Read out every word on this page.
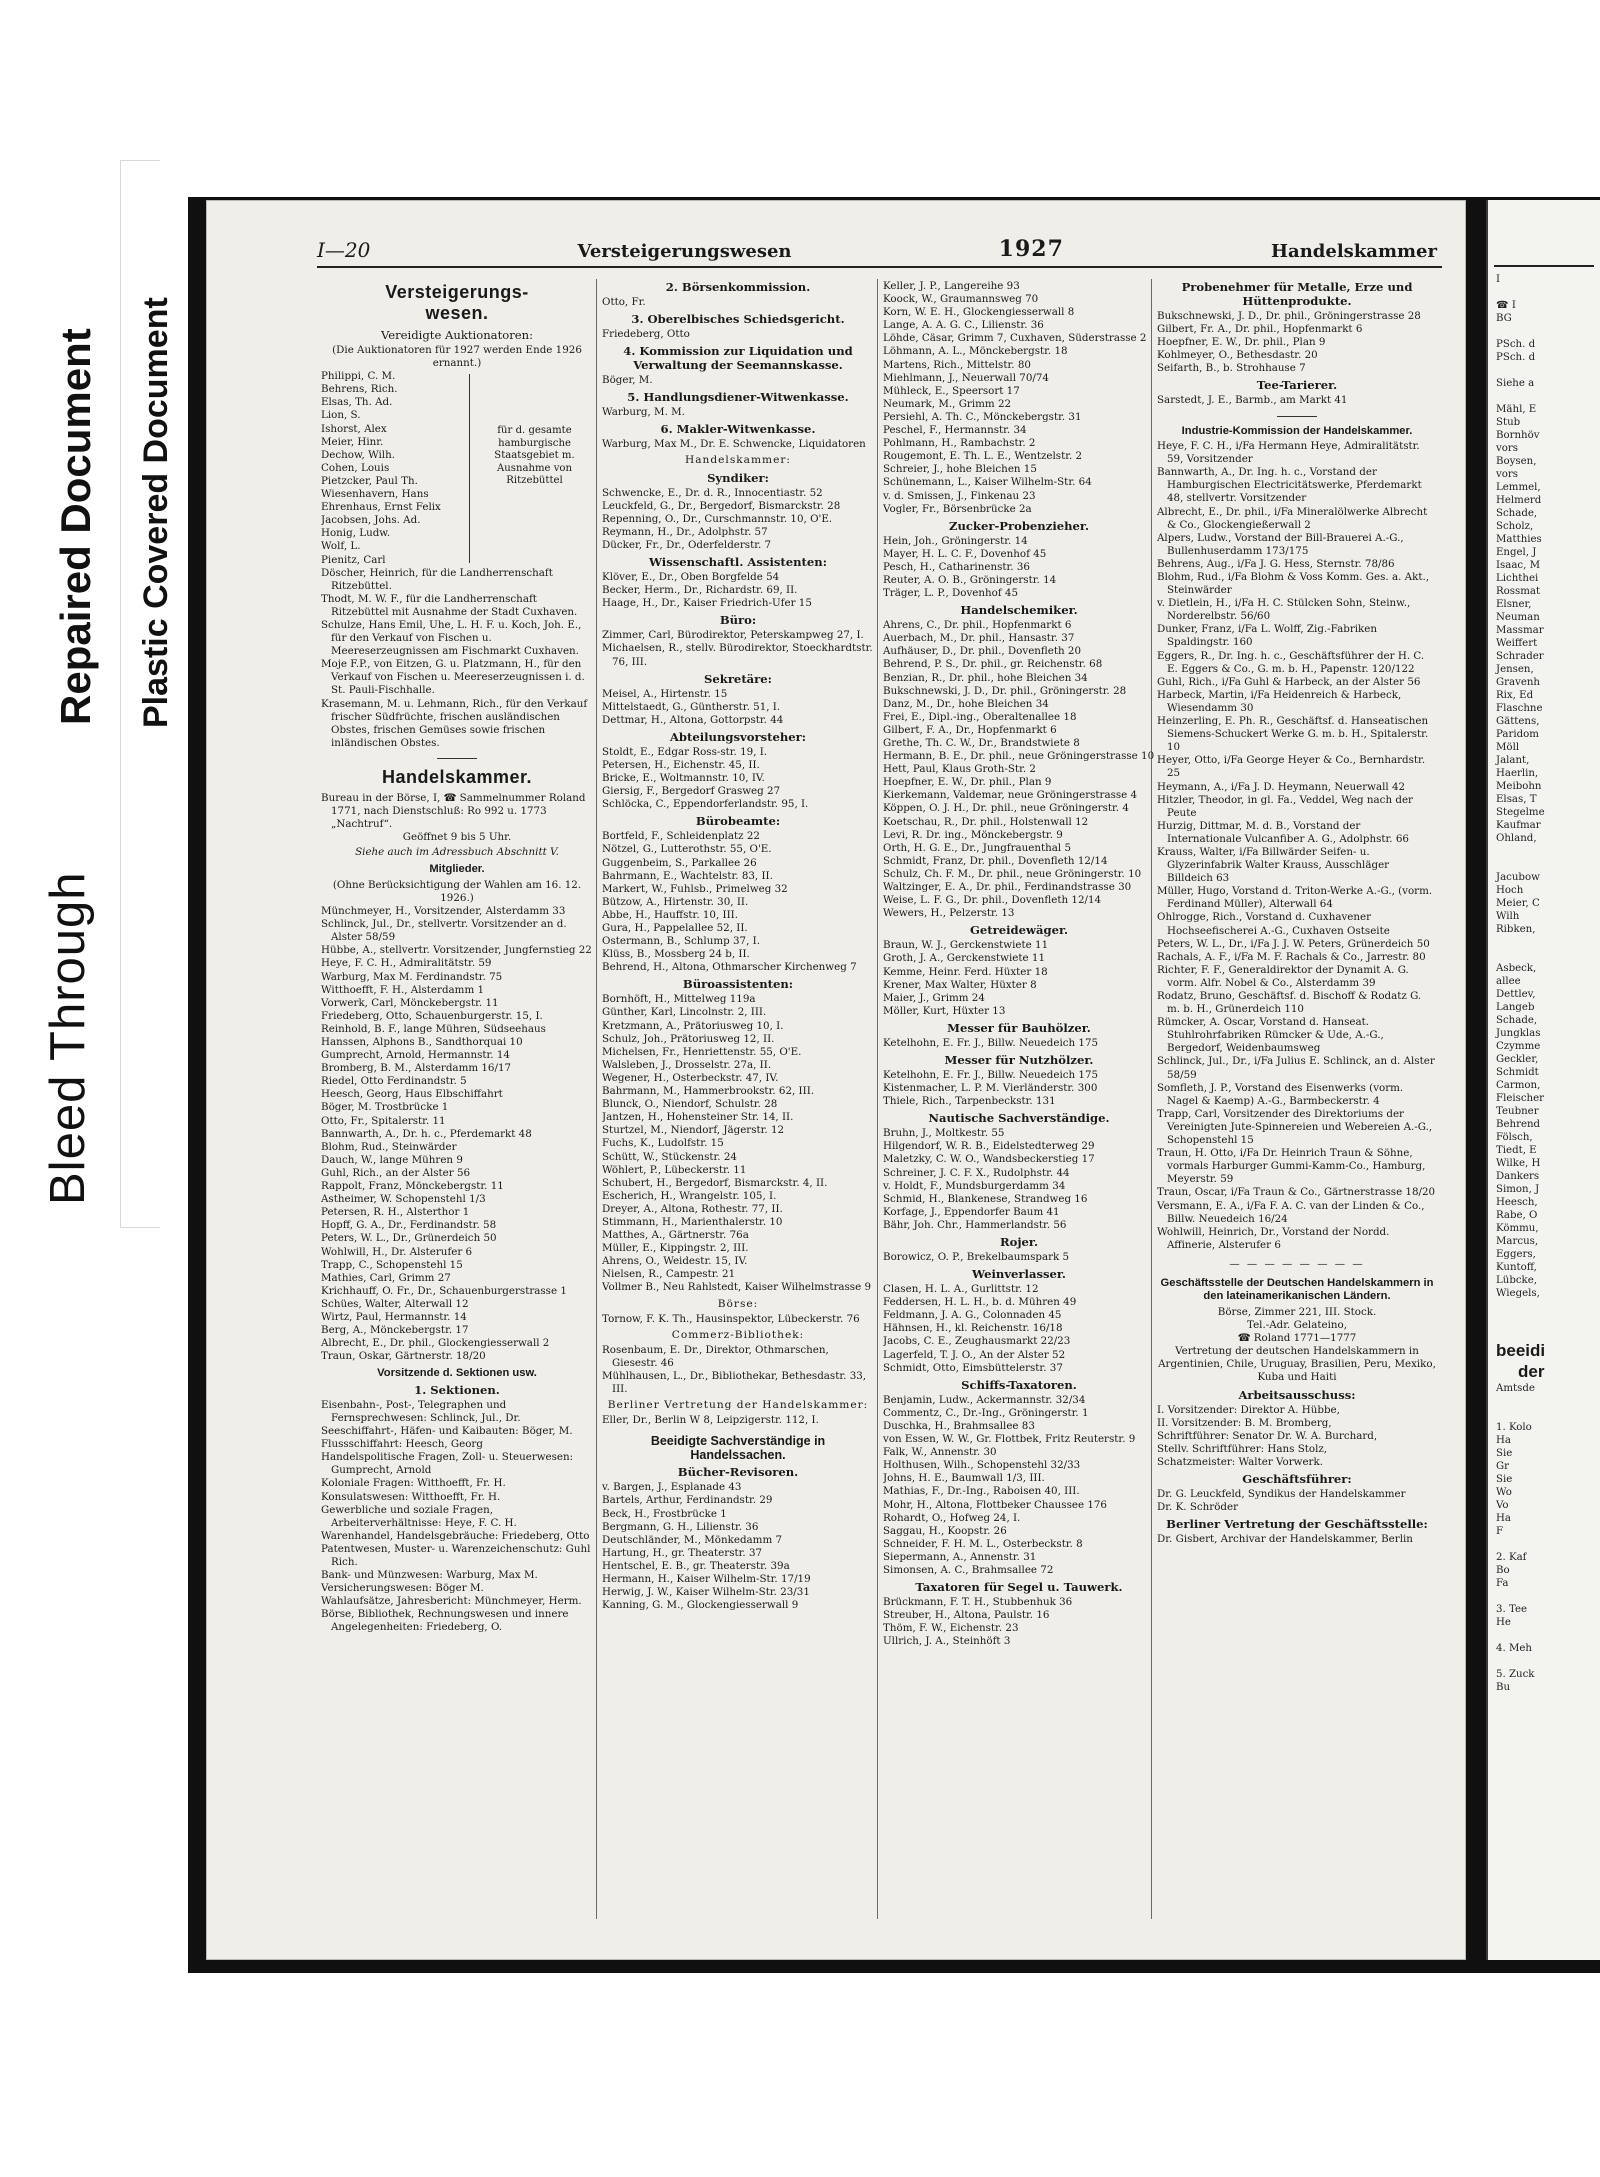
Bleed Through
Repaired Document Plastic Covered Document
I—20	Versteigerungswesen	1927	Handelskammer
Versteigerungs-
wesen.
Vereidigte Auktionatoren:
(Die Auktionatoren für 1927 werden Ende 1926 ernannt.)
Philippi, C. M.
Behrens, Rich.
Elsas, Th. Ad.
Lion, S.
Ishorst, Alex
Meier, Hinr.
Dechow, Wilh.
Cohen, Louis
Pietzcker, Paul Th.
Wiesenhavern, Hans
Ehrenhaus, Ernst Felix
Jacobsen, Johs. Ad.
Honig, Ludw.
Wolf, L.
Pienitz, Carl
für d. gesamte hamburgische Staatsgebiet m. Ausnahme von Ritzebüttel
Döscher, Heinrich, für die Landherrenschaft Ritzebüttel.
Thodt, M. W. F., für die Landherrenschaft Ritzebüttel mit Ausnahme der Stadt Cuxhaven.
Schulze, Hans Emil, Uhe, L. H. F. u. Koch, Joh. E., für den Verkauf von Fischen u. Meereserzeugnissen am Fischmarkt Cuxhaven.
Moje F.P., von Eitzen, G. u. Platzmann, H., für den Verkauf von Fischen u. Meereserzeugnissen i. d. St. Pauli-Fischhalle.
Krasemann, M. u. Lehmann, Rich., für den Verkauf frischer Südfrüchte, frischen ausländischen Obstes, frischen Gemüses sowie frischen inländischen Obstes.
Handelskammer.
Bureau in der Börse, I, ☎ Sammelnummer Roland 1771, nach Dienstschluß: Ro 992 u. 1773 „Nachtruf“.
Geöffnet 9 bis 5 Uhr.
Siehe auch im Adressbuch Abschnitt V.
Mitglieder.
(Ohne Berücksichtigung der Wahlen am 16. 12. 1926.)
Münchmeyer, H., Vorsitzender, Alsterdamm 33
Schlinck, Jul., Dr., stellvertr. Vorsitzender an d. Alster 58/59
Hübbe, A., stellvertr. Vorsitzender, Jungfernstieg 22
Heye, F. C. H., Admiralitätstr. 59
Warburg, Max M. Ferdinandstr. 75
Witthoefft, F. H., Alsterdamm 1
Vorwerk, Carl, Mönckebergstr. 11
Friedeberg, Otto, Schauenburgerstr. 15, I.
Reinhold, B. F., lange Mühren, Südseehaus
Hanssen, Alphons B., Sandthorquai 10
Gumprecht, Arnold, Hermannstr. 14
Bromberg, B. M., Alsterdamm 16/17
Riedel, Otto Ferdinandstr. 5
Heesch, Georg, Haus Elbschiffahrt
Böger, M. Trostbrücke 1
Otto, Fr., Spitalerstr. 11
Bannwarth, A., Dr. h. c., Pferdemarkt 48
Blohm, Rud., Steinwärder
Dauch, W., lange Mühren 9
Guhl, Rich., an der Alster 56
Rappolt, Franz, Mönckebergstr. 11
Astheimer, W. Schopenstehl 1/3
Petersen, R. H., Alsterthor 1
Hopff, G. A., Dr., Ferdinandstr. 58
Peters, W. L., Dr., Grünerdeich 50
Wohlwill, H., Dr. Alsterufer 6
Trapp, C., Schopenstehl 15
Mathies, Carl, Grimm 27
Krichhauff, O. Fr., Dr., Schauenburgerstrasse 1
Schües, Walter, Alterwall 12
Wirtz, Paul, Hermannstr. 14
Berg, A., Mönckebergstr. 17
Albrecht, E., Dr. phil., Glockengiesserwall 2
Traun, Oskar, Gärtnerstr. 18/20
Vorsitzende d. Sektionen usw.
1. Sektionen.
Eisenbahn-, Post-, Telegraphen und Fernsprechwesen: Schlinck, Jul., Dr.
Seeschiffahrt-, Häfen- und Kaibauten: Böger, M.
Flussschiffahrt: Heesch, Georg
Handelspolitische Fragen, Zoll- u. Steuerwesen: Gumprecht, Arnold
Koloniale Fragen: Witthoefft, Fr. H.
Konsulatswesen: Witthoefft, Fr. H.
Gewerbliche und soziale Fragen, Arbeiterverhältnisse: Heye, F. C. H.
Warenhandel, Handelsgebräuche: Friedeberg, Otto
Patentwesen, Muster- u. Warenzeichenschutz: Guhl Rich.
Bank- und Münzwesen: Warburg, Max M.
Versicherungswesen: Böger M.
Wahlaufsätze, Jahresbericht: Münchmeyer, Herm.
Börse, Bibliothek, Rechnungswesen und innere Angelegenheiten: Friedeberg, O.
2. Börsenkommission.
Otto, Fr.
3. Oberelbisches Schiedsgericht.
Friedeberg, Otto
4. Kommission zur Liquidation und Verwaltung der Seemannskasse.
Böger, M.
5. Handlungsdiener-Witwenkasse.
Warburg, M. M.
6. Makler-Witwenkasse.
Warburg, Max M., Dr. E. Schwencke, Liquidatoren
Handelskammer:
Syndiker:
Schwencke, E., Dr. d. R., Innocentiastr. 52
Leuckfeld, G., Dr., Bergedorf, Bismarckstr. 28
Repenning, O., Dr., Curschmannstr. 10, O'E.
Reymann, H., Dr., Adolphstr. 57
Dücker, Fr., Dr., Oderfelderstr. 7
Wissenschaftl. Assistenten:
Klöver, E., Dr., Oben Borgfelde 54
Becker, Herm., Dr., Richardstr. 69, II.
Haage, H., Dr., Kaiser Friedrich-Ufer 15
Büro:
Zimmer, Carl, Bürodirektor, Peterskampweg 27, I.
Michaelsen, R., stellv. Bürodirektor, Stoeckhardtstr. 76, III.
Sekretäre:
Meisel, A., Hirtenstr. 15
Mittelstaedt, G., Güntherstr. 51, I.
Dettmar, H., Altona, Gottorpstr. 44
Abteilungsvorsteher:
Stoldt, E., Edgar Ross-str. 19, I.
Petersen, H., Eichenstr. 45, II.
Bricke, E., Woltmannstr. 10, IV.
Giersig, F., Bergedorf Grasweg 27
Schlöcka, C., Eppendorferlandstr. 95, I.
Bürobeamte:
Bortfeld, F., Schleidenplatz 22
Nötzel, G., Lutterothstr. 55, O'E.
Guggenbeim, S., Parkallee 26
Bahrmann, E., Wachtelstr. 83, II.
Markert, W., Fuhlsb., Primelweg 32
Bützow, A., Hirtenstr. 30, II.
Abbe, H., Hauffstr. 10, III.
Gura, H., Pappelallee 52, II.
Ostermann, B., Schlump 37, I.
Klüss, B., Mossberg 24 b, II.
Behrend, H., Altona, Othmarscher Kirchenweg 7
Büroassistenten:
Bornhöft, H., Mittelweg 119a
Günther, Karl, Lincolnstr. 2, III.
Kretzmann, A., Prätoriusweg 10, I.
Schulz, Joh., Prätoriusweg 12, II.
Michelsen, Fr., Henriettenstr. 55, O'E.
Walsleben, J., Drosselstr. 27a, II.
Wegener, H., Osterbeckstr. 47, IV.
Bahrmann, M., Hammerbrookstr. 62, III.
Blunck, O., Niendorf, Schulstr. 28
Jantzen, H., Hohensteiner Str. 14, II.
Sturtzel, M., Niendorf, Jägerstr. 12
Fuchs, K., Ludolfstr. 15
Schütt, W., Stückenstr. 24
Wöhlert, P., Lübeckerstr. 11
Schubert, H., Bergedorf, Bismarckstr. 4, II.
Escherich, H., Wrangelstr. 105, I.
Dreyer, A., Altona, Rothestr. 77, II.
Stimmann, H., Marienthalerstr. 10
Matthes, A., Gärtnerstr. 76a
Müller, E., Kippingstr. 2, III.
Ahrens, O., Weidestr. 15, IV.
Nielsen, R., Campestr. 21
Vollmer B., Neu Rahlstedt, Kaiser Wilhelmstrasse 9
Börse:
Tornow, F. K. Th., Hausinspektor, Lübeckerstr. 76
Commerz-Bibliothek:
Rosenbaum, E. Dr., Direktor, Othmarschen, Giesestr. 46
Mühlhausen, L., Dr., Bibliothekar, Bethesdastr. 33, III.
Berliner Vertretung der Handelskammer:
Eller, Dr., Berlin W 8, Leipzigerstr. 112, I.
Beeidigte Sachverständige in Handelssachen.
Bücher-Revisoren.
v. Bargen, J., Esplanade 43
Bartels, Arthur, Ferdinandstr. 29
Beck, H., Frostbrücke 1
Bergmann, G. H., Lilienstr. 36
Deutschländer, M., Mönkedamm 7
Hartung, H., gr. Theaterstr. 37
Hentschel, E. B., gr. Theaterstr. 39a
Hermann, H., Kaiser Wilhelm-Str. 17/19
Herwig, J. W., Kaiser Wilhelm-Str. 23/31
Kanning, G. M., Glockengiesserwall 9
Keller, J. P., Langereihe 93
Koock, W., Graumannsweg 70
Korn, W. E. H., Glockengiesserwall 8
Lange, A. A. G. C., Lilienstr. 36
Löhde, Cäsar, Grimm 7, Cuxhaven, Süderstrasse 2
Löhmann, A. L., Mönckebergstr. 18
Martens, Rich., Mittelstr. 80
Miehlmann, J., Neuerwall 70/74
Mühleck, E., Speersort 17
Neumark, M., Grimm 22
Persiehl, A. Th. C., Mönckebergstr. 31
Peschel, F., Hermannstr. 34
Pohlmann, H., Rambachstr. 2
Rougemont, E. Th. L. E., Wentzelstr. 2
Schreier, J., hohe Bleichen 15
Schünemann, L., Kaiser Wilhelm-Str. 64
v. d. Smissen, J., Finkenau 23
Vogler, Fr., Börsenbrücke 2a
Zucker-Probenzieher.
Hein, Joh., Gröningerstr. 14
Mayer, H. L. C. F., Dovenhof 45
Pesch, H., Catharinenstr. 36
Reuter, A. O. B., Gröningerstr. 14
Träger, L. P., Dovenhof 45
Handelschemiker.
Ahrens, C., Dr. phil., Hopfenmarkt 6
Auerbach, M., Dr. phil., Hansastr. 37
Aufhäuser, D., Dr. phil., Dovenfleth 20
Behrend, P. S., Dr. phil., gr. Reichenstr. 68
Benzian, R., Dr. phil., hohe Bleichen 34
Bukschnewski, J. D., Dr. phil., Gröningerstr. 28
Danz, M., Dr., hohe Bleichen 34
Frei, E., Dipl.-ing., Oberaltenallee 18
Gilbert, F. A., Dr., Hopfenmarkt 6
Grethe, Th. C. W., Dr., Brandstwiete 8
Hermann, B. E., Dr. phil., neue Gröningerstrasse 10
Hett, Paul, Klaus Groth-Str. 2
Hoepfner, E. W., Dr. phil., Plan 9
Kierkemann, Valdemar, neue Gröningerstrasse 4
Köppen, O. J. H., Dr. phil., neue Gröningerstr. 4
Koetschau, R., Dr. phil., Holstenwall 12
Levi, R. Dr. ing., Mönckebergstr. 9
Orth, H. G. E., Dr., Jungfrauenthal 5
Schmidt, Franz, Dr. phil., Dovenfleth 12/14
Schulz, Ch. F. M., Dr. phil., neue Gröningerstr. 10
Waltzinger, E. A., Dr. phil., Ferdinandstrasse 30
Weise, L. F. G., Dr. phil., Dovenfleth 12/14
Wewers, H., Pelzerstr. 13
Getreidewäger.
Braun, W. J., Gerckenstwiete 11
Groth, J. A., Gerckenstwiete 11
Kemme, Heinr. Ferd. Hüxter 18
Krener, Max Walter, Hüxter 8
Maier, J., Grimm 24
Möller, Kurt, Hüxter 13
Messer für Bauhölzer.
Ketelhohn, E. Fr. J., Billw. Neuedeich 175
Messer für Nutzhölzer.
Ketelhohn, E. Fr. J., Billw. Neuedeich 175
Kistenmacher, L. P. M. Vierländerstr. 300
Thiele, Rich., Tarpenbeckstr. 131
Nautische Sachverständige.
Bruhn, J., Moltkestr. 55
Hilgendorf, W. R. B., Eidelstedterweg 29
Maletzky, C. W. O., Wandsbeckerstieg 17
Schreiner, J. C. F. X., Rudolphstr. 44
v. Holdt, F., Mundsburgerdamm 34
Schmid, H., Blankenese, Strandweg 16
Korfage, J., Eppendorfer Baum 41
Bähr, Joh. Chr., Hammerlandstr. 56
Rojer.
Borowicz, O. P., Brekelbaumspark 5
Weinverlasser.
Clasen, H. L. A., Gurlittstr. 12
Feddersen, H. L. H., b. d. Mühren 49
Feldmann, J. A. G., Colonnaden 45
Hähnsen, H., kl. Reichenstr. 16/18
Jacobs, C. E., Zeughausmarkt 22/23
Lagerfeld, T. J. O., An der Alster 52
Schmidt, Otto, Eimsbüttelerstr. 37
Schiffs-Taxatoren.
Benjamin, Ludw., Ackermannstr. 32/34
Commentz, C., Dr.-Ing., Gröningerstr. 1
Duschka, H., Brahmsallee 83
von Essen, W. W., Gr. Flottbek, Fritz Reuterstr. 9
Falk, W., Annenstr. 30
Holthusen, Wilh., Schopenstehl 32/33
Johns, H. E., Baumwall 1/3, III.
Mathias, F., Dr.-Ing., Raboisen 40, III.
Mohr, H., Altona, Flottbeker Chaussee 176
Rohardt, O., Hofweg 24, I.
Saggau, H., Koopstr. 26
Schneider, F. H. M. L., Osterbeckstr. 8
Siepermann, A., Annenstr. 31
Simonsen, A. C., Brahmsallee 72
Taxatoren für Segel u. Tauwerk.
Brückmann, F. T. H., Stubbenhuk 36
Streuber, H., Altona, Paulstr. 16
Thöm, F. W., Eichenstr. 23
Ullrich, J. A., Steinhöft 3
Probenehmer für Metalle, Erze und Hüttenprodukte.
Bukschnewski, J. D., Dr. phil., Gröningerstrasse 28
Gilbert, Fr. A., Dr. phil., Hopfenmarkt 6
Hoepfner, E. W., Dr. phil., Plan 9
Kohlmeyer, O., Bethesdastr. 20
Seifarth, B., b. Strohhause 7
Tee-Tarierer.
Sarstedt, J. E., Barmb., am Markt 41
Industrie-Kommission der Handelskammer.
Heye, F. C. H., i/Fa Hermann Heye, Admiralitätstr. 59, Vorsitzender
Bannwarth, A., Dr. Ing. h. c., Vorstand der Hamburgischen Electricitätswerke, Pferdemarkt 48, stellvertr. Vorsitzender
Albrecht, E., Dr. phil., i/Fa Mineralölwerke Albrecht & Co., Glockengießerwall 2
Alpers, Ludw., Vorstand der Bill-Brauerei A.-G., Bullenhuserdamm 173/175
Behrens, Aug., i/Fa J. G. Hess, Sternstr. 78/86
Blohm, Rud., i/Fa Blohm & Voss Komm. Ges. a. Akt., Steinwärder
v. Dietlein, H., i/Fa H. C. Stülcken Sohn, Steinw., Norderelbstr. 56/60
Dunker, Franz, i/Fa L. Wolff, Zig.-Fabriken Spaldingstr. 160
Eggers, R., Dr. Ing. h. c., Geschäftsführer der H. C. E. Eggers & Co., G. m. b. H., Papenstr. 120/122
Guhl, Rich., i/Fa Guhl & Harbeck, an der Alster 56
Harbeck, Martin, i/Fa Heidenreich & Harbeck, Wiesendamm 30
Heinzerling, E. Ph. R., Geschäftsf. d. Hanseatischen Siemens-Schuckert Werke G. m. b. H., Spitalerstr. 10
Heyer, Otto, i/Fa George Heyer & Co., Bernhardstr. 25
Heymann, A., i/Fa J. D. Heymann, Neuerwall 42
Hitzler, Theodor, in gl. Fa., Veddel, Weg nach der Peute
Hurzig, Dittmar, M. d. B., Vorstand der Internationale Vulcanfiber A. G., Adolphstr. 66
Krauss, Walter, i/Fa Billwärder Seifen- u. Glyzerinfabrik Walter Krauss, Ausschläger Billdeich 63
Müller, Hugo, Vorstand d. Triton-Werke A.-G., (vorm. Ferdinand Müller), Alterwall 64
Ohlrogge, Rich., Vorstand d. Cuxhavener Hochseefischerei A.-G., Cuxhaven Ostseite
Peters, W. L., Dr., i/Fa J. J. W. Peters, Grünerdeich 50
Rachals, A. F., i/Fa M. F. Rachals & Co., Jarrestr. 80
Richter, F. F., Generaldirektor der Dynamit A. G. vorm. Alfr. Nobel & Co., Alsterdamm 39
Rodatz, Bruno, Geschäftsf. d. Bischoff & Rodatz G. m. b. H., Grünerdeich 110
Rümcker, A. Oscar, Vorstand d. Hanseat. Stuhlrohrfabriken Rümcker & Ude, A.-G., Bergedorf, Weidenbaumsweg
Schlinck, Jul., Dr., i/Fa Julius E. Schlinck, an d. Alster 58/59
Somfleth, J. P., Vorstand des Eisenwerks (vorm. Nagel & Kaemp) A.-G., Barmbeckerstr. 4
Trapp, Carl, Vorsitzender des Direktoriums der Vereinigten Jute-Spinnereien und Webereien A.-G., Schopenstehl 15
Traun, H. Otto, i/Fa Dr. Heinrich Traun & Söhne, vormals Harburger Gummi-Kamm-Co., Hamburg, Meyerstr. 59
Traun, Oscar, i/Fa Traun & Co., Gärtnerstrasse 18/20
Versmann, E. A., i/Fa F. A. C. van der Linden & Co., Billw. Neuedeich 16/24
Wohlwill, Heinrich, Dr., Vorstand der Nordd. Affinerie, Alsterufer 6
— — — — — — — —
Geschäftsstelle der Deutschen Handelskammern in den lateinamerikanischen Ländern.
Börse, Zimmer 221, III. Stock.
Tel.-Adr. Gelateino,
☎ Roland 1771—1777
Vertretung der deutschen Handelskammern in Argentinien, Chile, Uruguay, Brasilien, Peru, Mexiko, Kuba und Haiti
Arbeitsausschuss:
I. Vorsitzender: Direktor A. Hübbe,
II. Vorsitzender: B. M. Bromberg,
Schriftführer: Senator Dr. W. A. Burchard,
Stellv. Schriftführer: Hans Stolz,
Schatzmeister: Walter Vorwerk.
Geschäftsführer:
Dr. G. Leuckfeld, Syndikus der Handelskammer
Dr. K. Schröder
Berliner Vertretung der Geschäftsstelle:
Dr. Gisbert, Archivar der Handelskammer, Berlin
I

☎ I
BG

PSch. d
PSch. d

Siehe a

Mähl, E
Stub
Bornhöv
vors
Boysen,
vors
Lemmel,
Helmerd
Schade,
Scholz,
Matthies
Engel, J
Isaac, M
Lichthei
Rossmat
Elsner,
Neuman
Massmar
Weiffert
Schrader
Jensen,
Gravenh
Rix, Ed
Flaschne
Gättens,
Paridom
Möll
Jalant,
Haerlin,
Meibohn
Elsas, T
Stegelme
Kaufmar
Ohland,

Jacubow
Hoch
Meier, C
Wilh
Ribken,

Asbeck,
allee
Dettlev,
Langeb
Schade,
Jungklas
Czymme
Geckler,
Schmidt
Carmon,
Fleischer
Teubner
Behrend
Fölsch,
Tiedt, E
Wilke, H
Dankers
Simon, J
Heesch,
Rabe, O
Kömmu,
Marcus,
Eggers,
Kuntoff,
Lübcke,
Wiegels,
beeidi
der
Amtsde

1. Kolo
Ha
Sie
Gr
Sie
Wo
Vo
Ha
F

2. Kaf
Bo
Fa

3. Tee
He

4. Meh

5. Zuck
Bu
